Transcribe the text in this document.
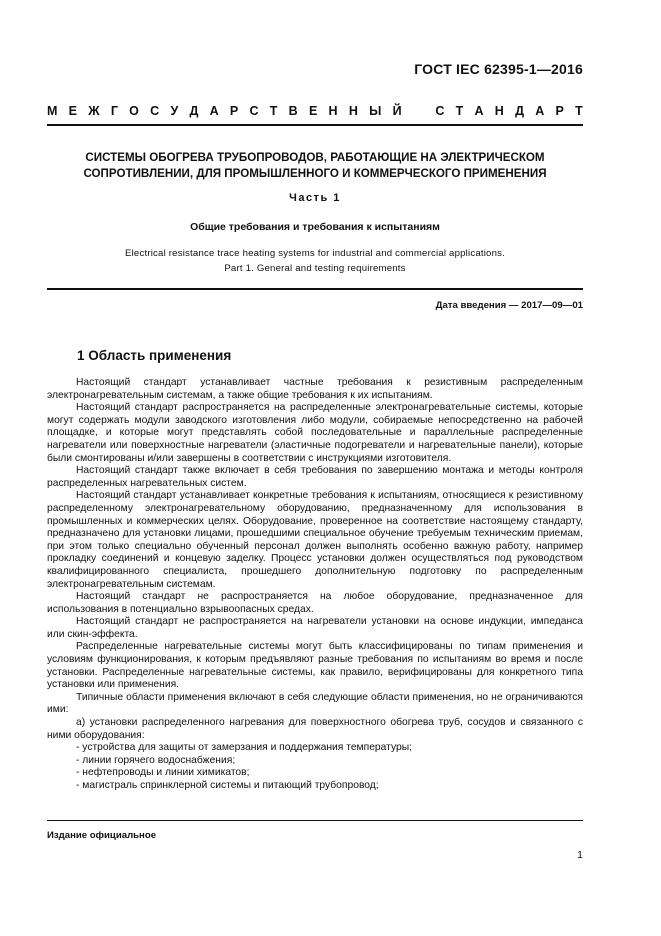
ГОСТ IEC 62395-1—2016
М Е Ж Г О С У Д А Р С Т В Е Н Н Ы Й	С Т А Н Д А Р Т
СИСТЕМЫ ОБОГРЕВА ТРУБОПРОВОДОВ, РАБОТАЮЩИЕ НА ЭЛЕКТРИЧЕСКОМ
СОПРОТИВЛЕНИИ, ДЛЯ ПРОМЫШЛЕННОГО И КОММЕРЧЕСКОГО ПРИМЕНЕНИЯ
Часть 1
Общие требования и требования к испытаниям
Electrical resistance trace heating systems for industrial and commercial applications.
Part 1. General and testing requirements
Дата введения — 2017—09—01
1 Область применения

Настоящий стандарт устанавливает частные требования к резистивным распределенным электронагревательным системам, а также общие требования к их испытаниям.

Настоящий стандарт распространяется на распределенные электронагревательные системы, которые могут содержать модули заводского изготовления либо модули, собираемые непосредственно на рабочей площадке, и которые могут представлять собой последовательные и параллельные распределенные нагреватели или поверхностные нагреватели (эластичные подогреватели и нагревательные панели), которые были смонтированы и/или завершены в соответствии с инструкциями изготовителя.

Настоящий стандарт также включает в себя требования по завершению монтажа и методы контроля распределенных нагревательных систем.

Настоящий стандарт устанавливает конкретные требования к испытаниям, относящиеся к резистивному распределенному электронагревательному оборудованию, предназначенному для использования в промышленных и коммерческих целях. Оборудование, проверенное на соответствие настоящему стандарту, предназначено для установки лицами, прошедшими специальное обучение требуемым техническим приемам, при этом только специально обученный персонал должен выполнять особенно важную работу, например прокладку соединений и концевую заделку. Процесс установки должен осуществляться под руководством квалифицированного специалиста, прошедшего дополнительную подготовку по распределенным электронагревательным системам.

Настоящий стандарт не распространяется на любое оборудование, предназначенное для использования в потенциально взрывоопасных средах.

Настоящий стандарт не распространяется на нагреватели установки на основе индукции, импеданса или скин-эффекта.

Распределенные нагревательные системы могут быть классифицированы по типам применения и условиям функционирования, к которым предъявляют разные требования по испытаниям во время и после установки. Распределенные нагревательные системы, как правило, верифицированы для конкретного типа установки или применения.

Типичные области применения включают в себя следующие области применения, но не ограничиваются ими:

а) установки распределенного нагревания для поверхностного обогрева труб, сосудов и связанного с ними оборудования:

- устройства для защиты от замерзания и поддержания температуры;

- линии горячего водоснабжения;

- нефтепроводы и линии химикатов;

- магистраль спринклерной системы и питающий трубопровод;

Издание официальное
1
